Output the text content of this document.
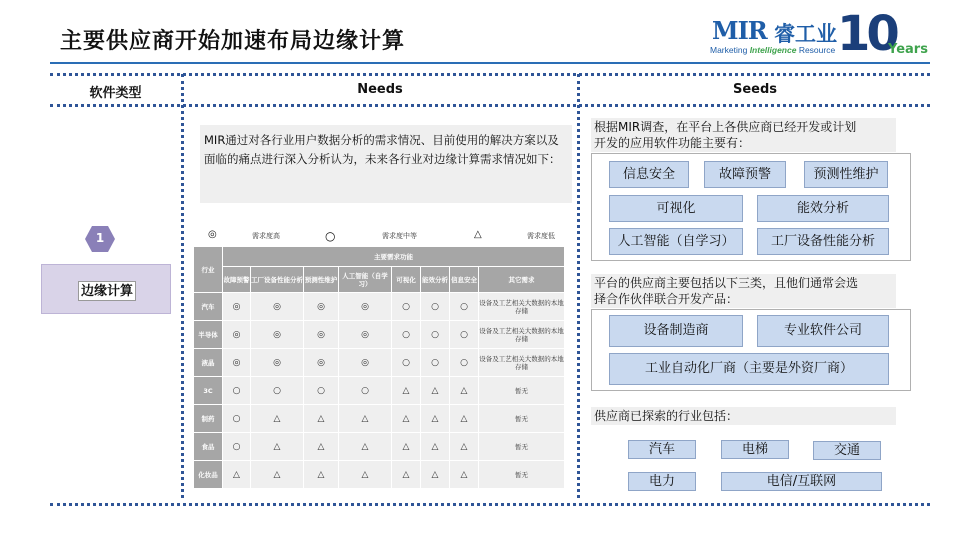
主要供应商开始加速布局边缘计算	MIR 睿工业 10
Years
Marketing Intelligence Resource
软件类型	Needs	Seeds
1
边缘计算
MIR通过对各行业用户数据分析的需求情况、目前使用的解决方案以及面临的痛点进行深入分析认为，未来各行业对边缘计算需求情况如下：
◎	需求度高	○	需求度中等	△	需求度低
行业	主要需求功能							
	故障预警	工厂设备性能分析	预测性维护	人工智能（自学习）	可视化	能效分析	信息安全	其它需求
汽车	◎	◎	◎	◎	○	○	○	设备及工艺相关大数据的本地存储
半导体	◎	◎	◎	◎	○	○	○	设备及工艺相关大数据的本地存储
液晶	◎	◎	◎	◎	○	○	○	设备及工艺相关大数据的本地存储
3C	○	○	○	○	△	△	△	暂无
制药	○	△	△	△	△	△	△	暂无
食品	○	△	△	△	△	△	△	暂无
化妆品	△	△	△	△	△	△	△	暂无
根据MIR调查，在平台上各供应商已经开发或计划
开发的应用软件功能主要有：
信息安全	故障预警	预测性维护
可视化	能效分析
人工智能（自学习）	工厂设备性能分析
平台的供应商主要包括以下三类，且他们通常会选
择合作伙伴联合开发产品：
设备制造商	专业软件公司
工业自动化厂商（主要是外资厂商）
供应商已探索的行业包括：
汽车	电梯	交通
电力	电信/互联网
